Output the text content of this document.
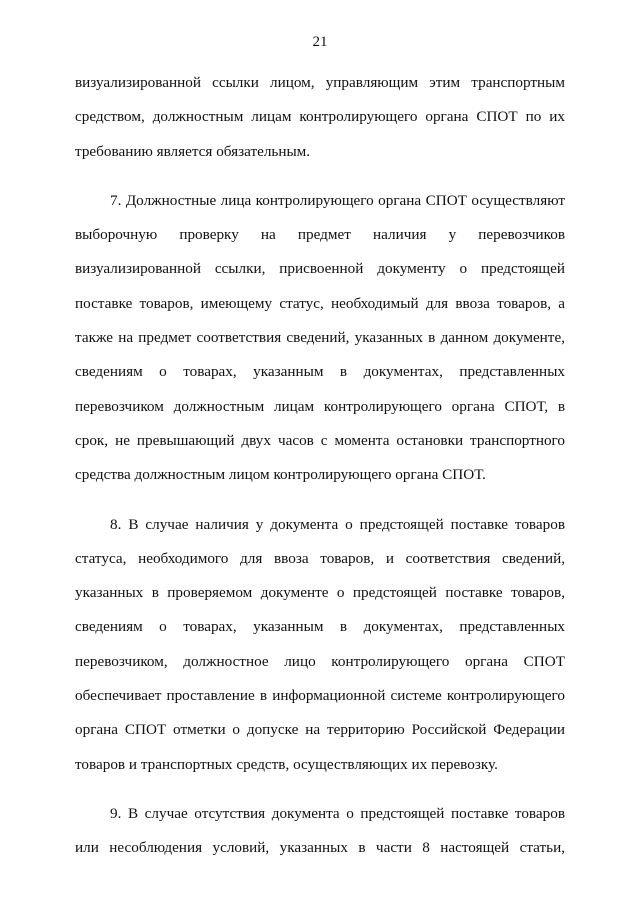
21
визуализированной ссылки лицом, управляющим этим транспортным
средством, должностным лицам контролирующего органа СПОТ по их
требованию является обязательным.
7. Должностные лица контролирующего органа СПОТ осуществляют
выборочную проверку на предмет наличия у перевозчиков
визуализированной ссылки, присвоенной документу о предстоящей
поставке товаров, имеющему статус, необходимый для ввоза товаров, а
также на предмет соответствия сведений, указанных в данном документе,
сведениям о товарах, указанным в документах, представленных
перевозчиком должностным лицам контролирующего органа СПОТ, в
срок, не превышающий двух часов с момента остановки транспортного
средства должностным лицом контролирующего органа СПОТ.
8. В случае наличия у документа о предстоящей поставке товаров
статуса, необходимого для ввоза товаров, и соответствия сведений,
указанных в проверяемом документе о предстоящей поставке товаров,
сведениям о товарах, указанным в документах, представленных
перевозчиком, должностное лицо контролирующего органа СПОТ
обеспечивает проставление в информационной системе контролирующего
органа СПОТ отметки о допуске на территорию Российской Федерации
товаров и транспортных средств, осуществляющих их перевозку.
9. В случае отсутствия документа о предстоящей поставке товаров
или несоблюдения условий, указанных в части 8 настоящей статьи,
